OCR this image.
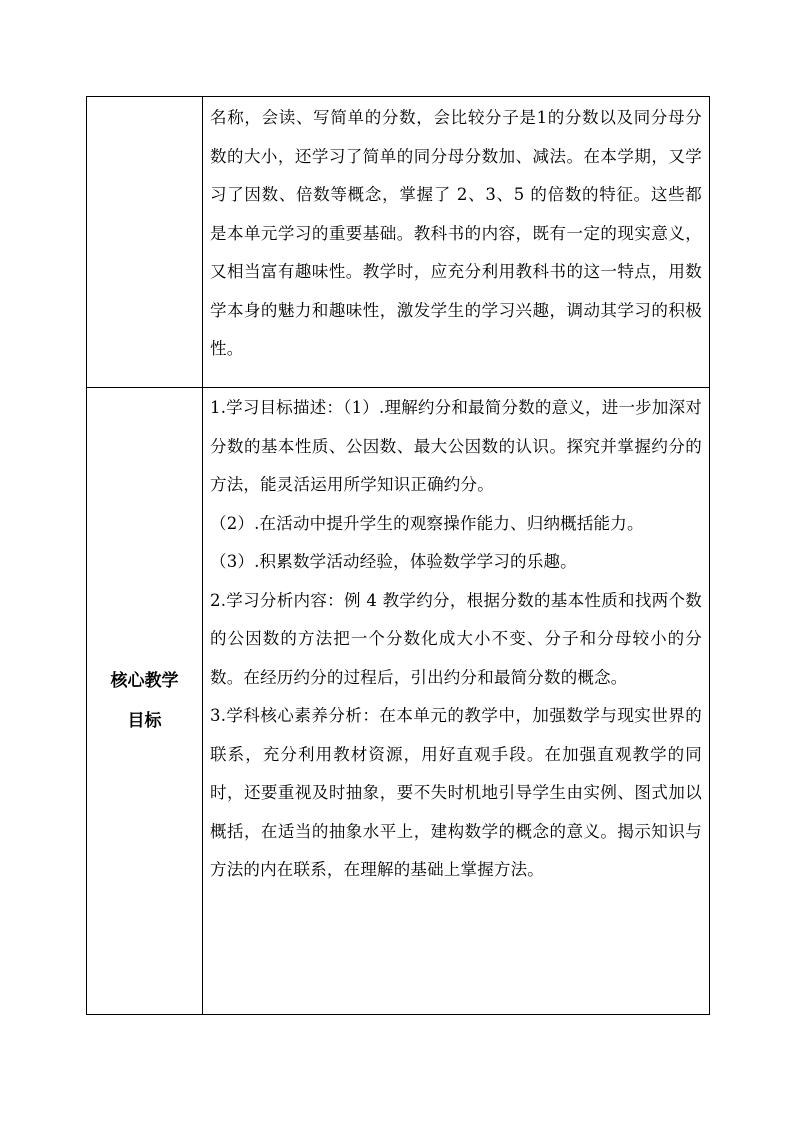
	名称，会读、写简单的分数，会比较分子是1的分数以及同分母分数的大小，还学习了简单的同分母分数加、减法。在本学期，又学习了因数、倍数等概念，掌握了 2、3、5 的倍数的特征。这些都是本单元学习的重要基础。教科书的内容，既有一定的现实意义，又相当富有趣味性。教学时，应充分利用教科书的这一特点，用数学本身的魅力和趣味性，激发学生的学习兴趣，调动其学习的积极性。

核心教学目标	1.学习目标描述：（1）.理解约分和最简分数的意义，进一步加深对分数的基本性质、公因数、最大公因数的认识。探究并掌握约分的方法，能灵活运用所学知识正确约分。

（2）.在活动中提升学生的观察操作能力、归纳概括能力。

（3）.积累数学活动经验，体验数学学习的乐趣。

2.学习分析内容：例 4 教学约分，根据分数的基本性质和找两个数的公因数的方法把一个分数化成大小不变、分子和分母较小的分数。在经历约分的过程后，引出约分和最简分数的概念。

3.学科核心素养分析：在本单元的教学中，加强数学与现实世界的联系，充分利用教材资源，用好直观手段。在加强直观教学的同时，还要重视及时抽象，要不失时机地引导学生由实例、图式加以概括，在适当的抽象水平上，建构数学的概念的意义。揭示知识与方法的内在联系，在理解的基础上掌握方法。
